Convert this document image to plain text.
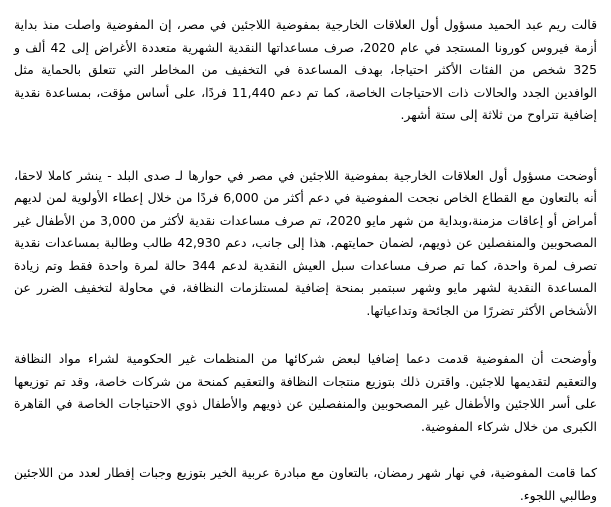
قالت ريم عبد الحميد مسؤول أول العلاقات الخارجية بمفوضية اللاجئين في مصر، إن المفوضية واصلت منذ بداية أزمة فيروس كورونا المستجد في عام 2020، صرف مساعداتها النقدية الشهرية متعددة الأغراض إلى 42 ألف و 325 شخص من الفئات الأكثر احتياجا، بهدف المساعدة في التخفيف من المخاطر التي تتعلق بالحماية مثل الوافدين الجدد والحالات ذات الاحتياجات الخاصة، كما تم دعم 11,440 فردًا، على أساس مؤقت، بمساعدة نقدية إضافية تتراوح من ثلاثة إلى ستة أشهر.

أوضحت مسؤول أول العلاقات الخارجية بمفوضية اللاجئين في مصر في حوارها لـ صدى البلد - ينشر كاملا لاحقا، أنه بالتعاون مع القطاع الخاص نجحت المفوضية في دعم أكثر من 6,000 فردًا من خلال إعطاء الأولوية لمن لديهم أمراض أو إعاقات مزمنة،وبداية من شهر مايو 2020، تم صرف مساعدات نقدية لأكثر من 3,000 من الأطفال غير المصحوبين والمنفصلين عن ذويهم، لضمان حمايتهم. هذا إلى جانب، دعم 42,930 طالب وطالبة بمساعدات نقدية تصرف لمرة واحدة، كما تم صرف مساعدات سبل العيش النقدية لدعم 344 حالة لمرة واحدة فقط وتم زيادة المساعدة النقدية لشهر مايو وشهر سبتمبر بمنحة إضافية لمستلزمات النظافة، في محاولة لتخفيف الضرر عن الأشخاص الأكثر تضررًا من الجائحة وتداعياتها.

وأوضحت أن المفوضية قدمت دعما إضافيا لبعض شركائها من المنظمات غير الحكومية لشراء مواد النظافة والتعقيم لتقديمها للاجئين. واقترن ذلك بتوزيع منتجات النظافة والتعقيم كمنحة من شركات خاصة، وقد تم توزيعها على أسر اللاجئين والأطفال غير المصحوبين والمنفصلين عن ذويهم والأطفال ذوي الاحتياجات الخاصة في القاهرة الكبرى من خلال شركاء المفوضية.

كما قامت المفوضية، في نهار شهر رمضان، بالتعاون مع مبادرة عربية الخير بتوزيع وجبات إفطار لعدد من اللاجئين وطالبي اللجوء.
